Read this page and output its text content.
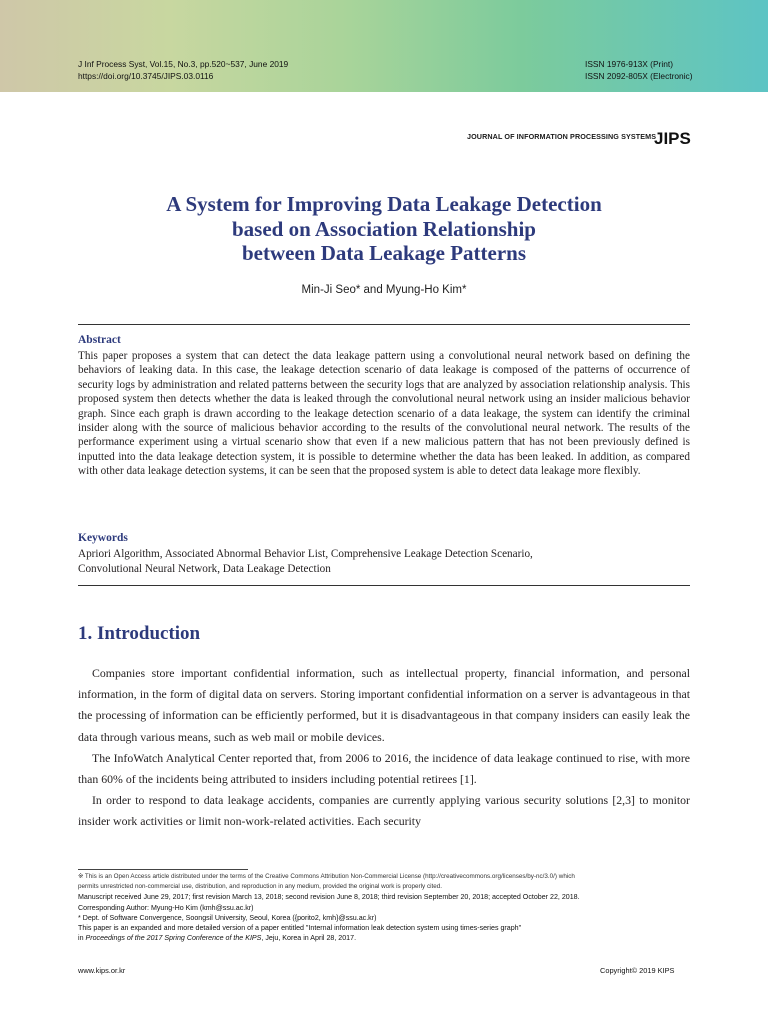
J Inf Process Syst, Vol.15, No.3, pp.520~537, June 2019
https://doi.org/10.3745/JIPS.03.0116
ISSN 1976-913X (Print)
ISSN 2092-805X (Electronic)
JOURNAL OF INFORMATION PROCESSING SYSTEMS
JIPS
A System for Improving Data Leakage Detection
based on Association Relationship
between Data Leakage Patterns
Min-Ji Seo* and Myung-Ho Kim*
Abstract
This paper proposes a system that can detect the data leakage pattern using a convolutional neural network based on defining the behaviors of leaking data. In this case, the leakage detection scenario of data leakage is composed of the patterns of occurrence of security logs by administration and related patterns between the security logs that are analyzed by association relationship analysis. This proposed system then detects whether the data is leaked through the convolutional neural network using an insider malicious behavior graph. Since each graph is drawn according to the leakage detection scenario of a data leakage, the system can identify the criminal insider along with the source of malicious behavior according to the results of the convolutional neural network. The results of the performance experiment using a virtual scenario show that even if a new malicious pattern that has not been previously defined is inputted into the data leakage detection system, it is possible to determine whether the data has been leaked. In addition, as compared with other data leakage detection systems, it can be seen that the proposed system is able to detect data leakage more flexibly.
Keywords
Apriori Algorithm, Associated Abnormal Behavior List, Comprehensive Leakage Detection Scenario,
Convolutional Neural Network, Data Leakage Detection
1. Introduction

Companies store important confidential information, such as intellectual property, financial information, and personal information, in the form of digital data on servers. Storing important confidential information on a server is advantageous in that the processing of information can be efficiently performed, but it is disadvantageous in that company insiders can easily leak the data through various means, such as web mail or mobile devices.

The InfoWatch Analytical Center reported that, from 2006 to 2016, the incidence of data leakage continued to rise, with more than 60% of the incidents being attributed to insiders including potential retirees [1].

In order to respond to data leakage accidents, companies are currently applying various security solutions [2,3] to monitor insider work activities or limit non-work-related activities. Each security

※ This is an Open Access article distributed under the terms of the Creative Commons Attribution Non-Commercial License (http://creativecommons.org/licenses/by-nc/3.0/) which

permits unrestricted non-commercial use, distribution, and reproduction in any medium, provided the original work is properly cited.

Manuscript received June 29, 2017; first revision March 13, 2018; second revision June 8, 2018; third revision September 20, 2018; accepted October 22, 2018.

Corresponding Author: Myung-Ho Kim (kmh@ssu.ac.kr)

* Dept. of Software Convergence, Soongsil University, Seoul, Korea ({porito2, kmh}@ssu.ac.kr)

This paper is an expanded and more detailed version of a paper entitled "Internal information leak detection system using times-series graph"

in Proceedings of the 2017 Spring Conference of the KIPS, Jeju, Korea in April 28, 2017.

www.kips.or.kr	Copyright© 2019 KIPS
